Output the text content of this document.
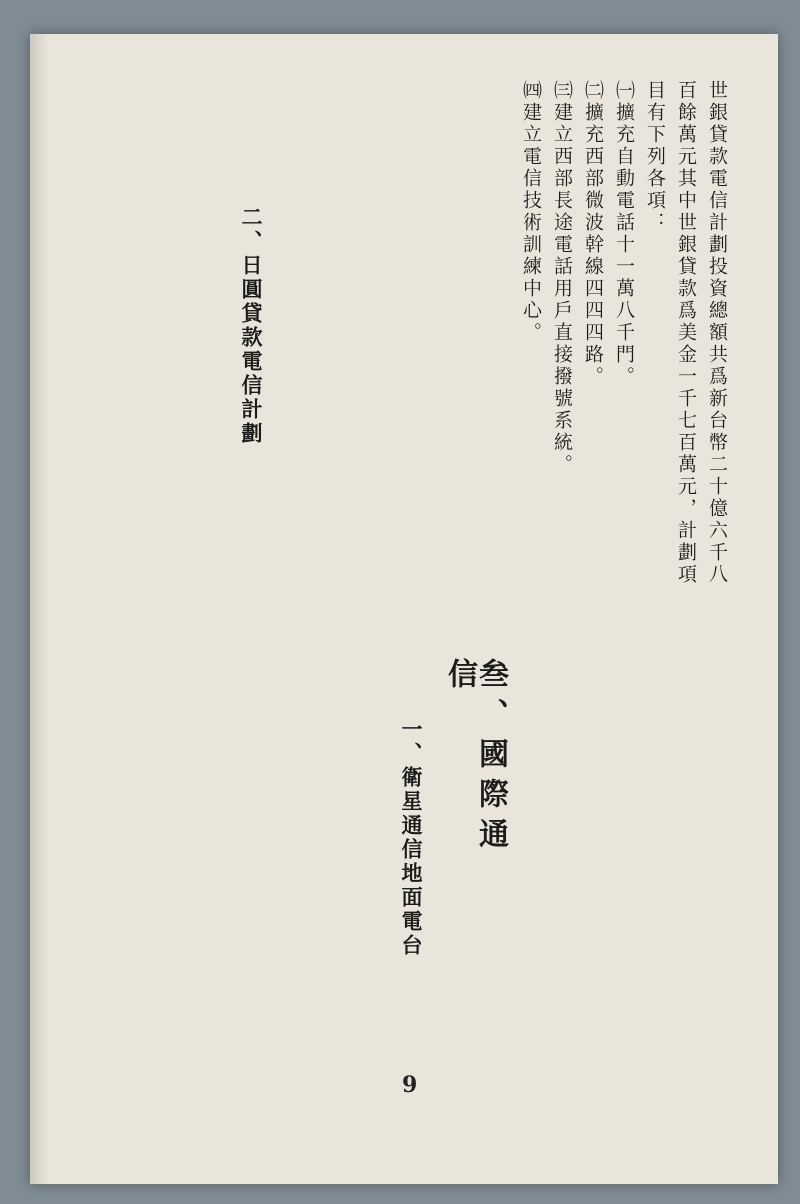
世銀貸款電信計劃投資總額共爲新台幣二十億六千八百餘萬元其中世銀貸款爲美金一千七百萬元，計劃項目有下列各項：
㈠擴充自動電話十一萬八千門。
㈡擴充西部微波幹線四四四路。
㈢建立西部長途電話用戶直接撥號系統。
㈣建立電信技術訓練中心。
二、日圓貸款電信計劃
叁、國際通信
一、衛星通信地面電台
9
